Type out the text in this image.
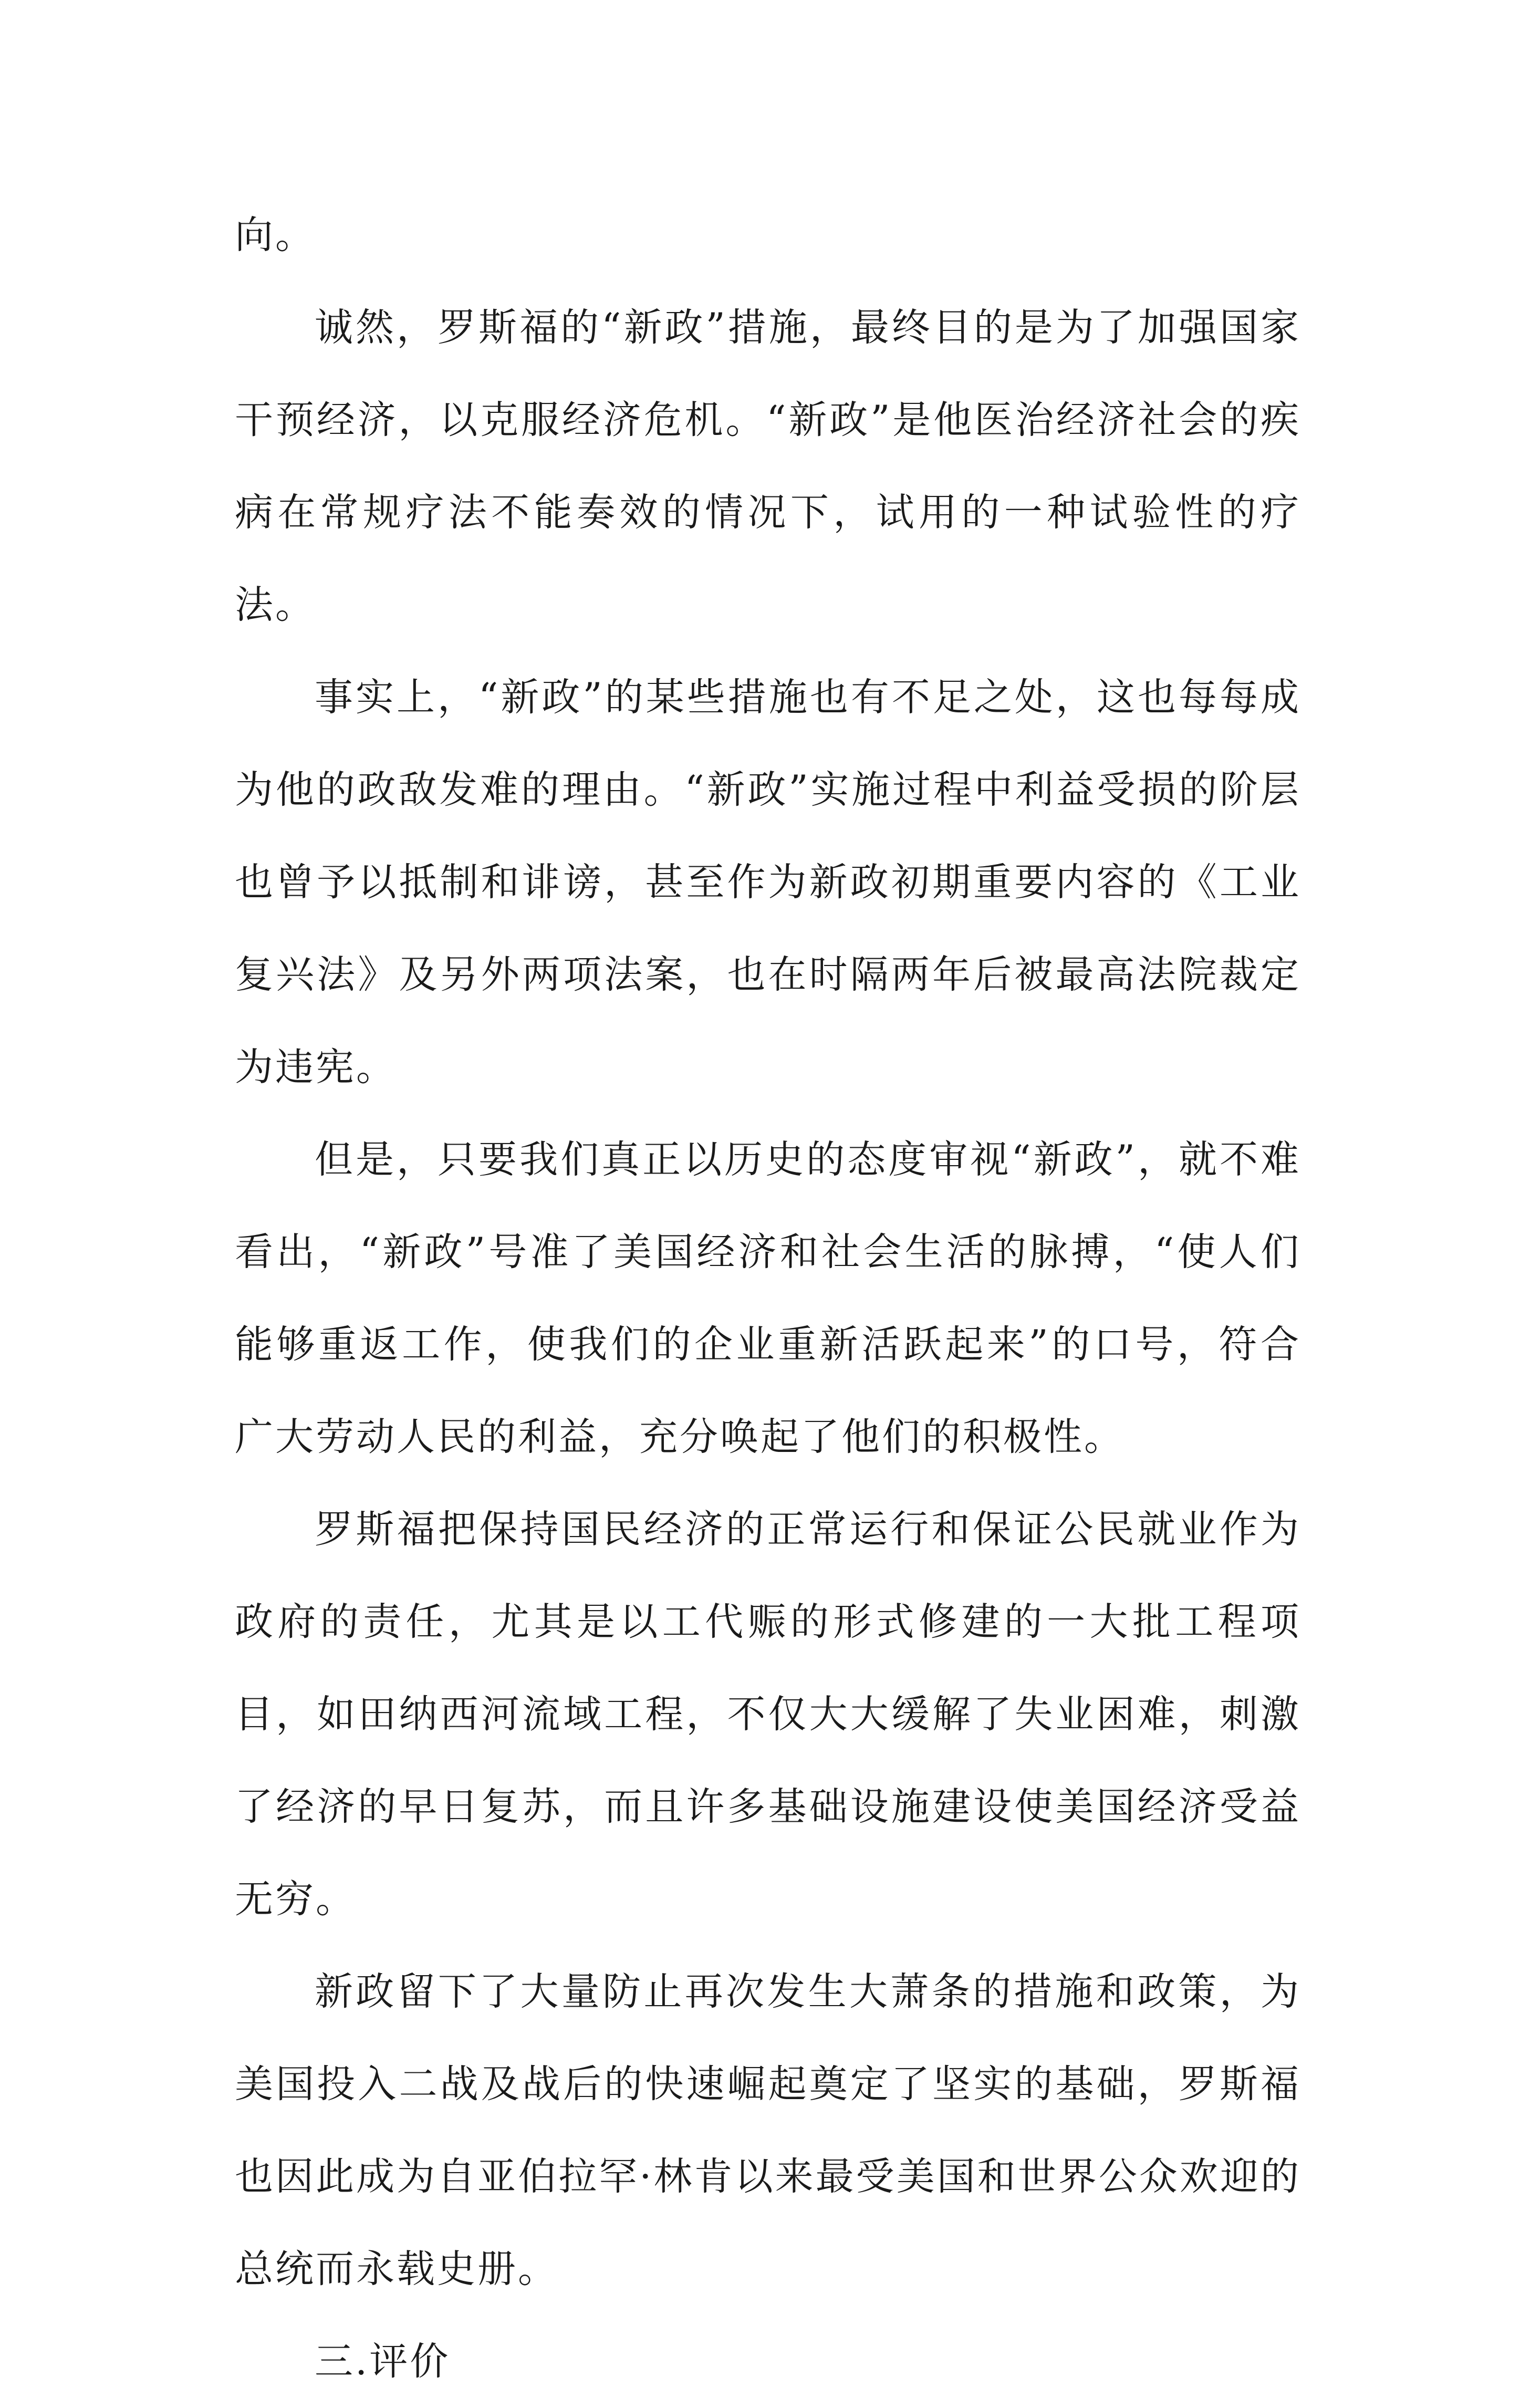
向。

诚然，罗斯福的“新政”措施，最终目的是为了加强国家干预经济，以克服经济危机。“新政”是他医治经济社会的疾病在常规疗法不能奏效的情况下，试用的一种试验性的疗法。

事实上，“新政”的某些措施也有不足之处，这也每每成为他的政敌发难的理由。“新政”实施过程中利益受损的阶层也曾予以抵制和诽谤，甚至作为新政初期重要内容的《工业复兴法》及另外两项法案，也在时隔两年后被最高法院裁定为违宪。

但是，只要我们真正以历史的态度审视“新政”，就不难看出，“新政”号准了美国经济和社会生活的脉搏，“使人们能够重返工作，使我们的企业重新活跃起来”的口号，符合广大劳动人民的利益，充分唤起了他们的积极性。

罗斯福把保持国民经济的正常运行和保证公民就业作为政府的责任，尤其是以工代赈的形式修建的一大批工程项目，如田纳西河流域工程，不仅大大缓解了失业困难，刺激了经济的早日复苏，而且许多基础设施建设使美国经济受益无穷。

新政留下了大量防止再次发生大萧条的措施和政策，为美国投入二战及战后的快速崛起奠定了坚实的基础，罗斯福也因此成为自亚伯拉罕·林肯以来最受美国和世界公众欢迎的总统而永载史册。

三.评价
